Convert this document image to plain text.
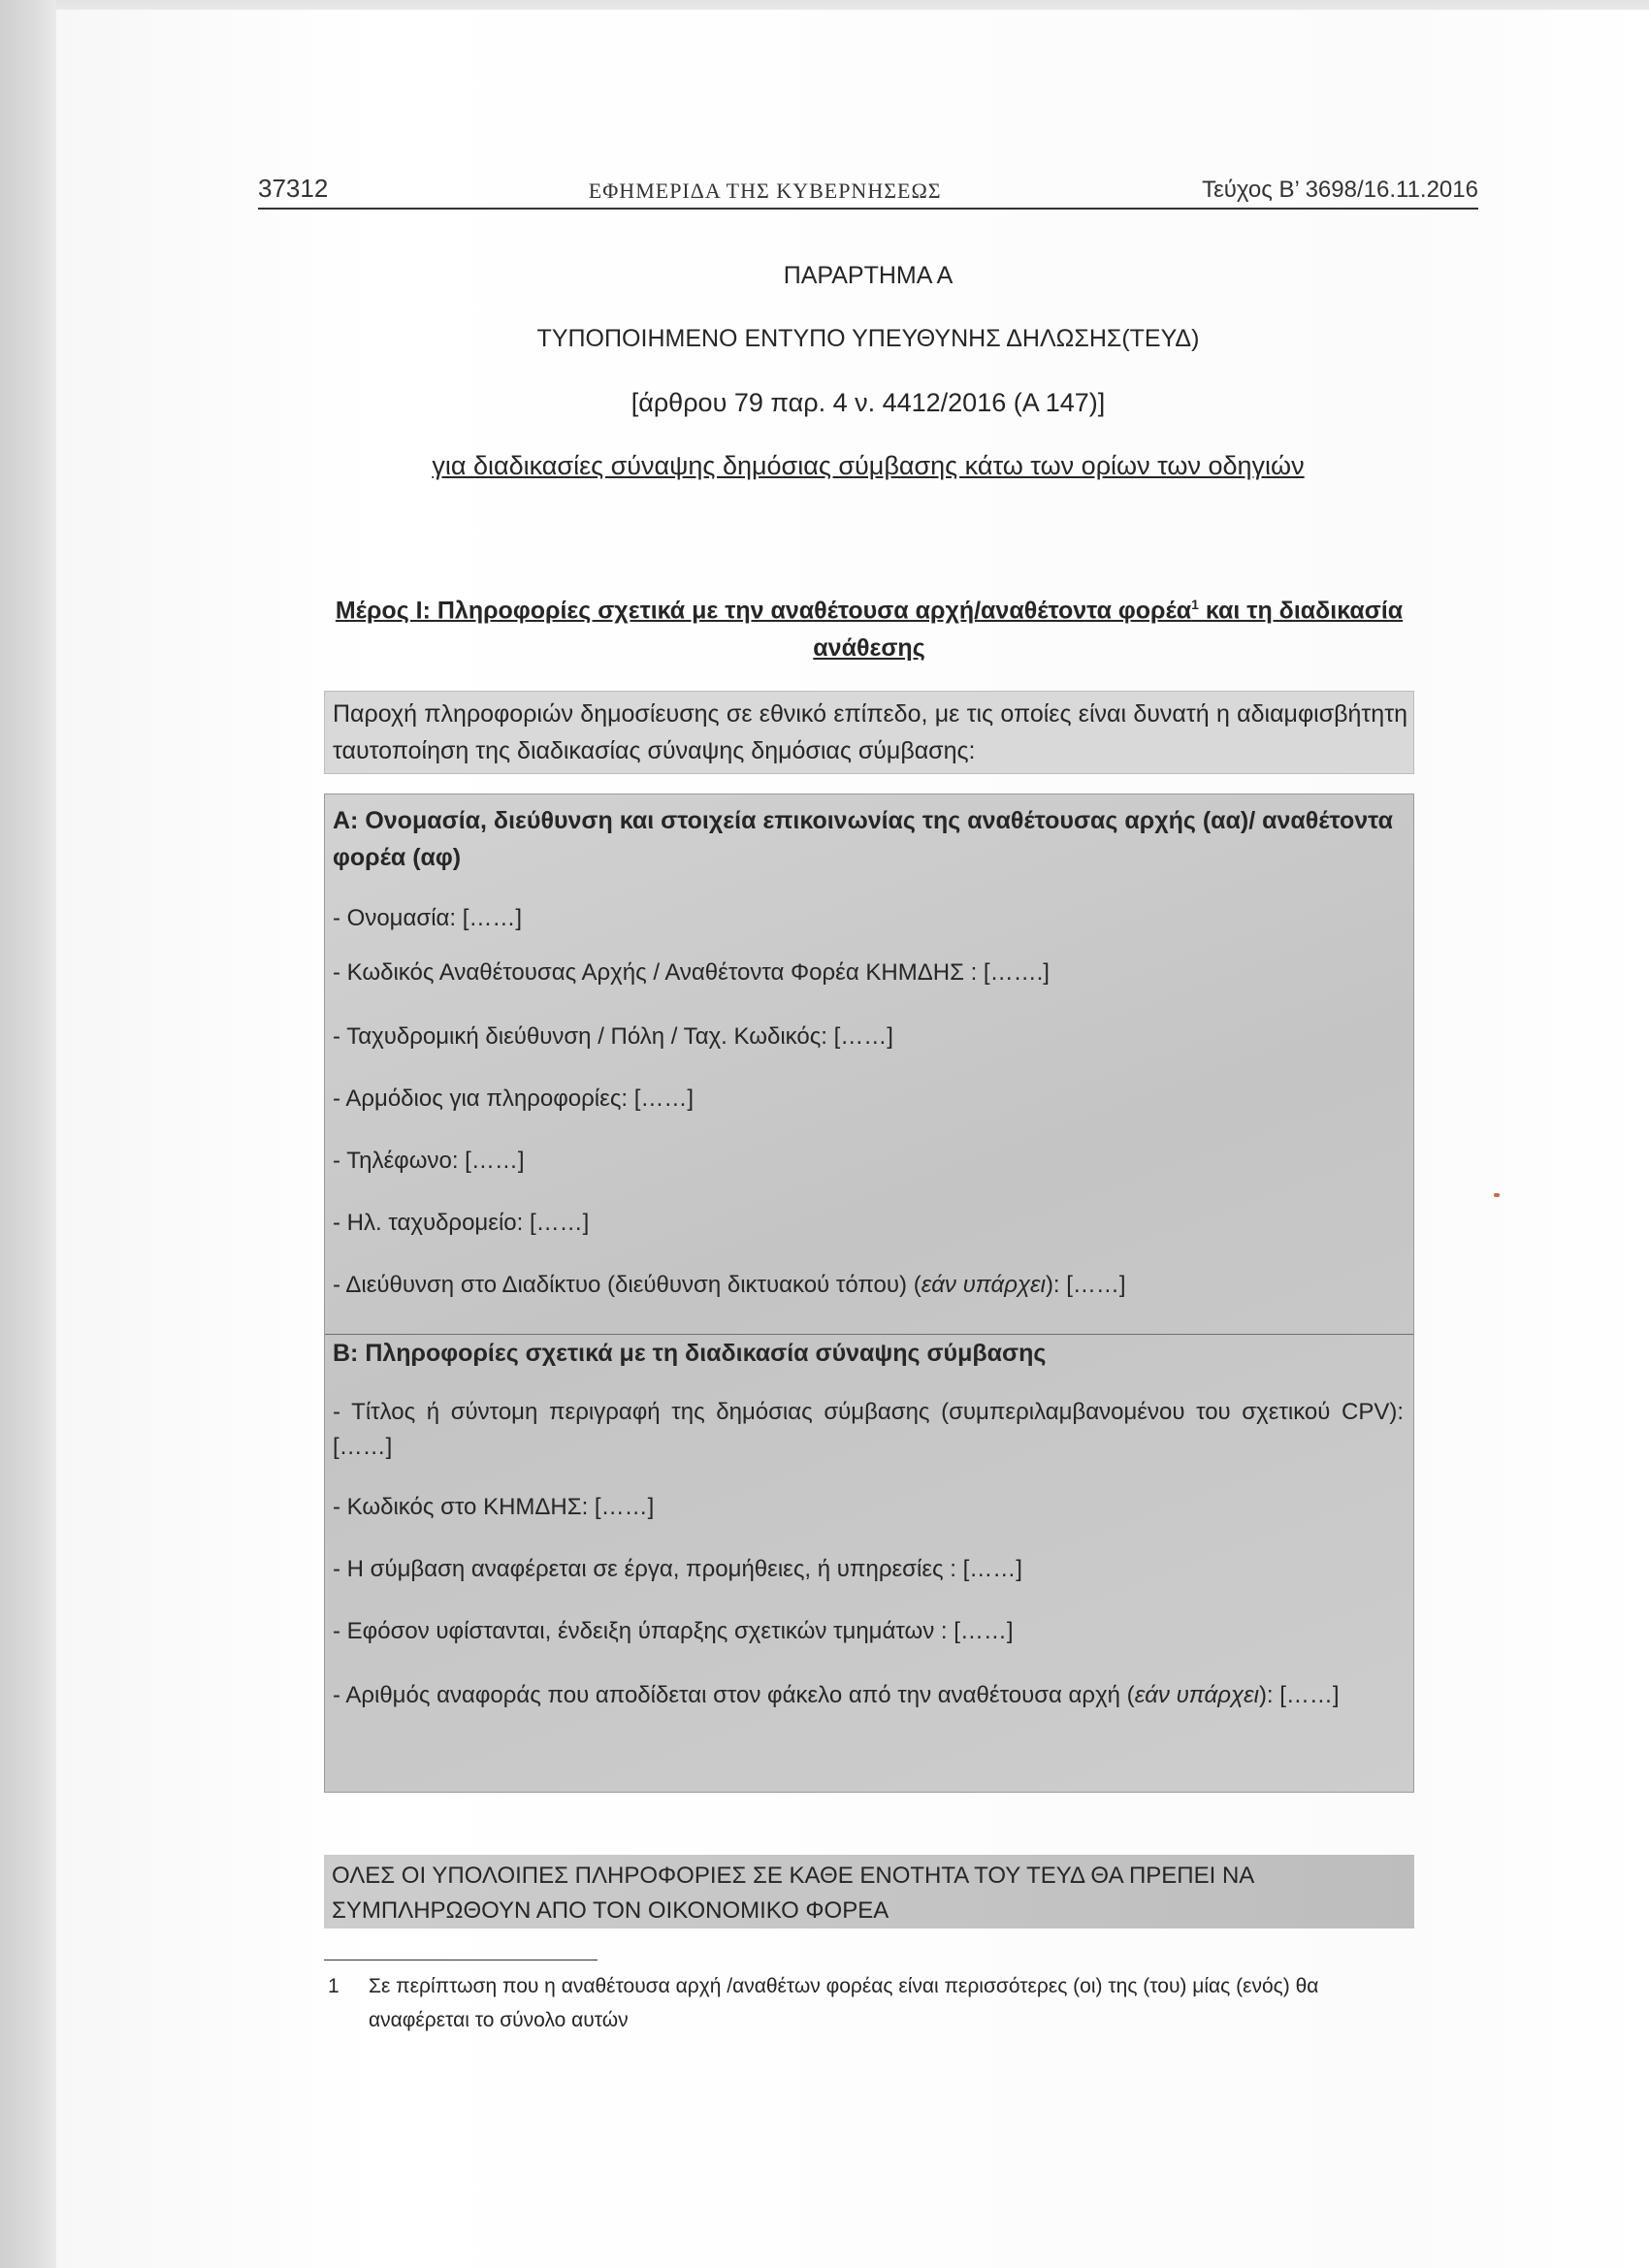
37312	ΕΦΗΜΕΡΙΔΑ ΤΗΣ ΚΥΒΕΡΝΗΣΕΩΣ	Τεύχος Β’ 3698/16.11.2016

ΠΑΡΑΡΤΗΜΑ Α

ΤΥΠΟΠΟΙΗΜΕΝΟ ΕΝΤΥΠΟ ΥΠΕΥΘΥΝΗΣ ΔΗΛΩΣΗΣ(ΤΕΥΔ)

[άρθρου 79 παρ. 4 ν. 4412/2016 (Α 147)]

για διαδικασίες σύναψης δημόσιας σύμβασης κάτω των ορίων των οδηγιών

Μέρος Ι: Πληροφορίες σχετικά με την αναθέτουσα αρχή/αναθέτοντα φορέα$^1$ και τη διαδικασία ανάθεσης
Παροχή πληροφοριών δημοσίευσης σε εθνικό επίπεδο, με τις οποίες είναι δυνατή η αδιαμφισβήτητη ταυτοποίηση της διαδικασίας σύναψης δημόσιας σύμβασης:
Α: Ονομασία, διεύθυνση και στοιχεία επικοινωνίας της αναθέτουσας αρχής (αα)/ αναθέτοντα φορέα (αφ)
- Ονομασία: [……]
- Κωδικός Αναθέτουσας Αρχής / Αναθέτοντα Φορέα ΚΗΜΔΗΣ : […….]
- Ταχυδρομική διεύθυνση / Πόλη / Ταχ. Κωδικός: [……]
- Αρμόδιος για πληροφορίες: [……]
- Τηλέφωνο: [……]
- Ηλ. ταχυδρομείο: [……]
- Διεύθυνση στο Διαδίκτυο (διεύθυνση δικτυακού τόπου) (εάν υπάρχει): [……]
Β: Πληροφορίες σχετικά με τη διαδικασία σύναψης σύμβασης
- Τίτλος ή σύντομη περιγραφή της δημόσιας σύμβασης (συμπεριλαμβανομένου του σχετικού CPV): [……]
- Κωδικός στο ΚΗΜΔΗΣ: [……]
- Η σύμβαση αναφέρεται σε έργα, προμήθειες, ή υπηρεσίες : [……]
- Εφόσον υφίστανται, ένδειξη ύπαρξης σχετικών τμημάτων : [……]
- Αριθμός αναφοράς που αποδίδεται στον φάκελο από την αναθέτουσα αρχή (εάν υπάρχει): [……]
ΟΛΕΣ ΟΙ ΥΠΟΛΟΙΠΕΣ ΠΛΗΡΟΦΟΡΙΕΣ ΣΕ ΚΑΘΕ ΕΝΟΤΗΤΑ ΤΟΥ ΤΕΥΔ ΘΑ ΠΡΕΠΕΙ ΝΑ ΣΥΜΠΛΗΡΩΘΟΥΝ ΑΠΟ ΤΟΝ ΟΙΚΟΝΟΜΙΚΟ ΦΟΡΕΑ
1 Σε περίπτωση που η αναθέτουσα αρχή /αναθέτων φορέας είναι περισσότερες (οι) της (του) μίας (ενός) θα αναφέρεται το σύνολο αυτών
